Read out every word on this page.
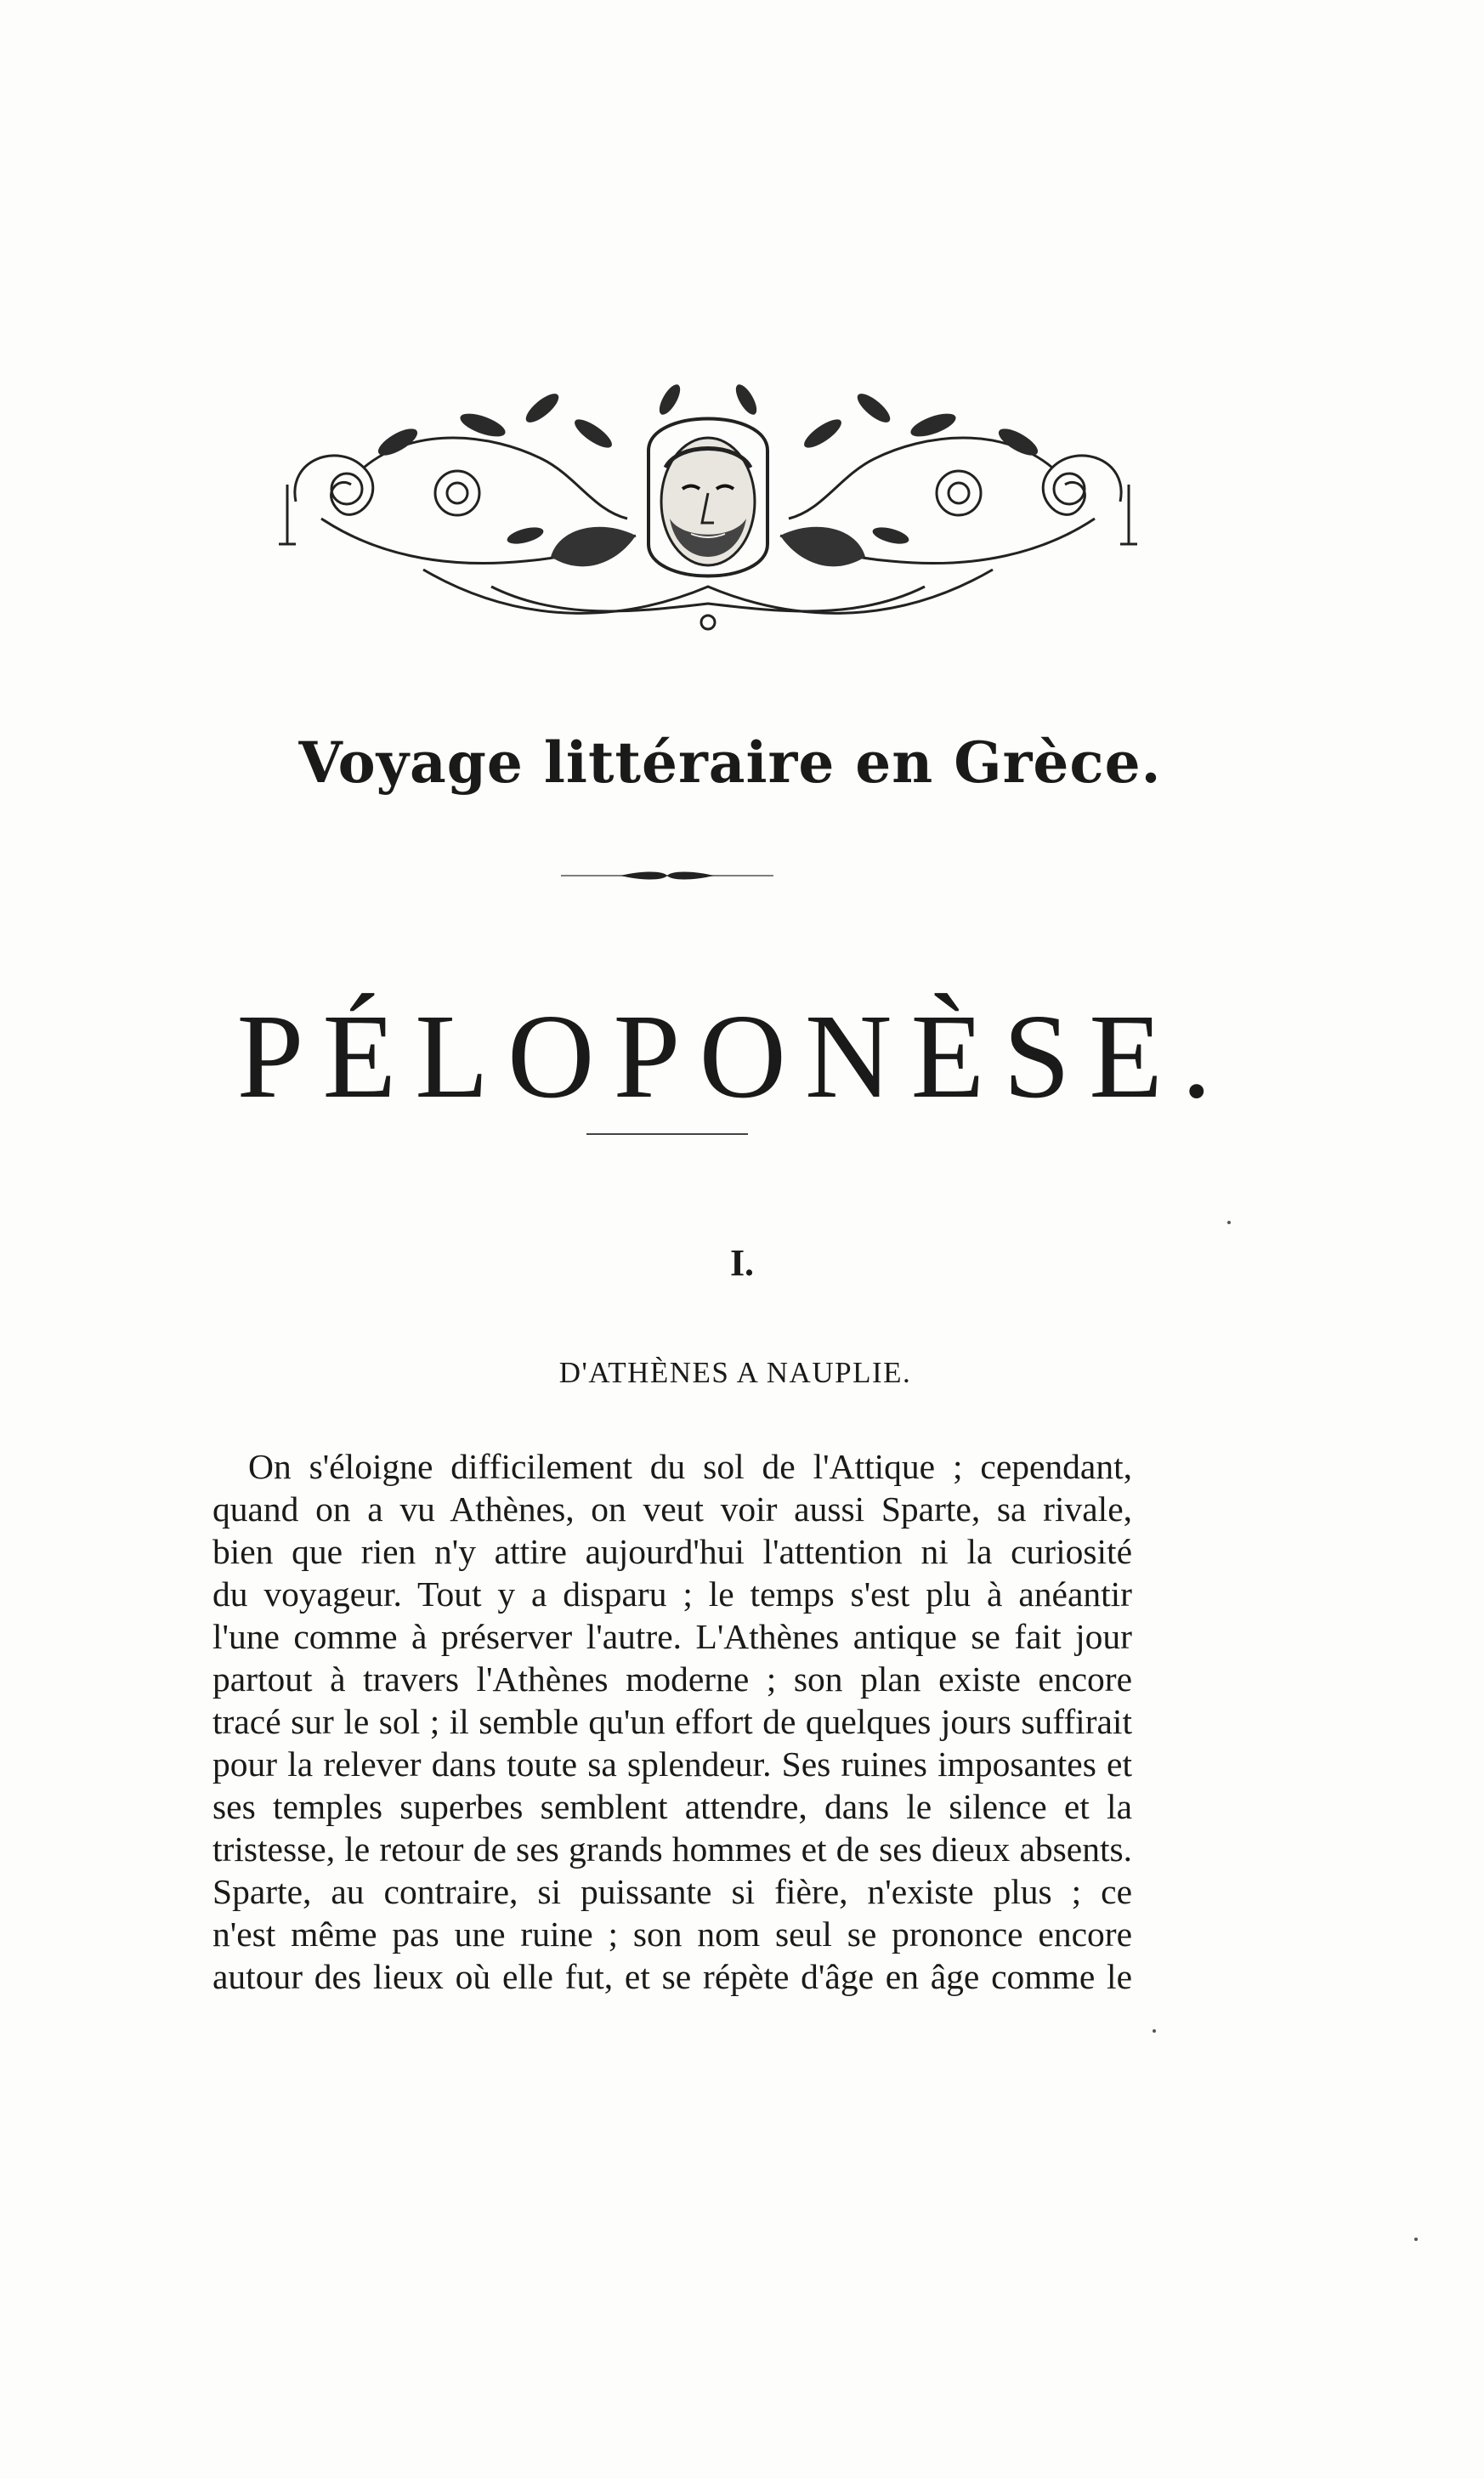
Voyage littéraire en Grèce.
PÉLOPONÈSE.
I.
D'ATHÈNES A NAUPLIE.
On s'éloigne difficilement du sol de l'Attique ; cependant,
quand on a vu Athènes, on veut voir aussi Sparte, sa rivale,
bien que rien n'y attire aujourd'hui l'attention ni la curiosité
du voyageur. Tout y a disparu ; le temps s'est plu à anéantir
l'une comme à préserver l'autre. L'Athènes antique se fait jour
partout à travers l'Athènes moderne ; son plan existe encore
tracé sur le sol ; il semble qu'un effort de quelques jours suffirait
pour la relever dans toute sa splendeur. Ses ruines imposantes et
ses temples superbes semblent attendre, dans le silence et la
tristesse, le retour de ses grands hommes et de ses dieux absents.
Sparte, au contraire, si puissante si fière, n'existe plus ; ce
n'est même pas une ruine ; son nom seul se prononce encore
autour des lieux où elle fut, et se répète d'âge en âge comme le
